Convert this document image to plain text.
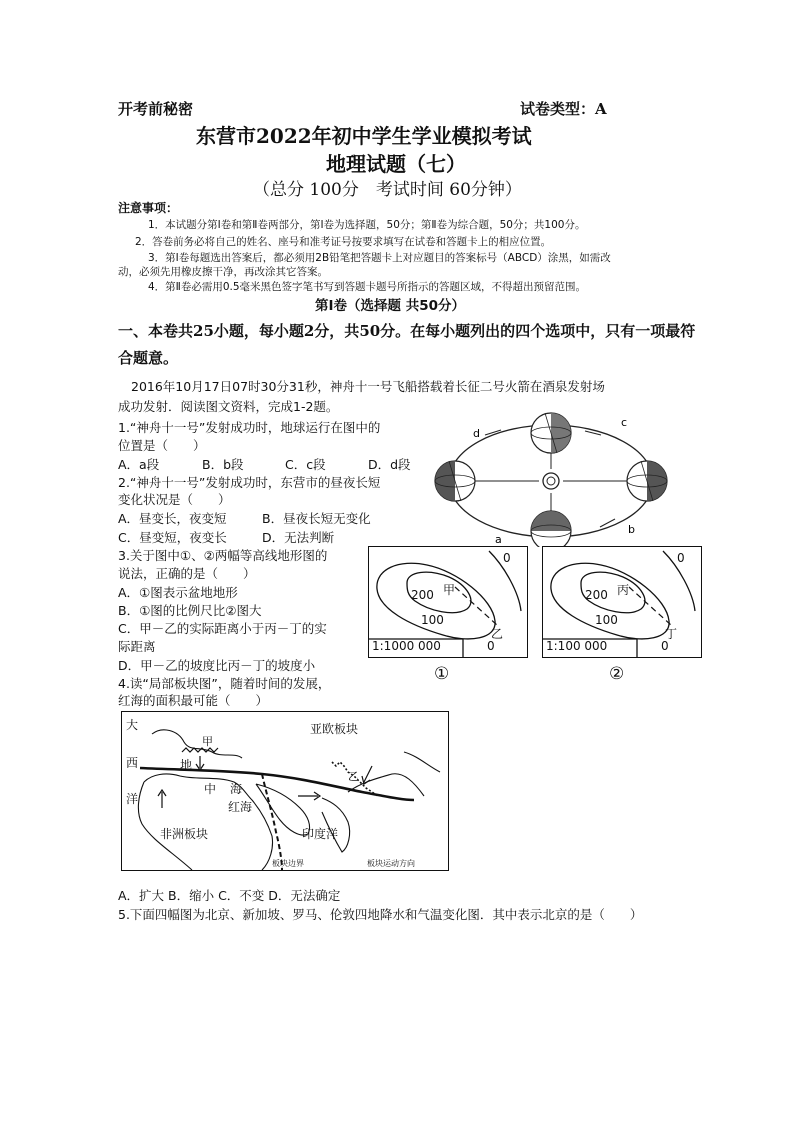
开考前秘密	试卷类型：A
东营市2022年初中学生学业模拟考试
地理试题（七）
（总分 100分　考试时间 60分钟）
注意事项：
1．本试题分第Ⅰ卷和第Ⅱ卷两部分，第Ⅰ卷为选择题，50分；第Ⅱ卷为综合题，50分；共100分。
2．答卷前务必将自己的姓名、座号和准考证号按要求填写在试卷和答题卡上的相应位置。
3．第Ⅰ卷每题选出答案后，都必须用2B铅笔把答题卡上对应题目的答案标号（ABCD）涂黑，如需改
动，必须先用橡皮擦干净，再改涂其它答案。
4．第Ⅱ卷必需用0.5毫米黑色签字笔书写到答题卡题号所指示的答题区域，不得超出预留范围。
第Ⅰ卷（选择题 共50分）
一、本卷共25小题，每小题2分，共50分。在每小题列出的四个选项中，只有一项最符
合题意。
2016年10月17日07时30分31秒，神舟十一号飞船搭载着长征二号火箭在酒泉发射场
成功发射．阅读图文资料，完成1-2题。
1.“神舟十一号”发射成功时，地球运行在图中的
位置是（　　）
A．a段	B．b段	C．c段	D．d段
2.“神舟十一号”发射成功时，东营市的昼夜长短
变化状况是（　　）
A．昼变长，夜变短	B．昼夜长短无变化
C．昼变短，夜变长	D．无法判断
3.关于图中①、②两幅等高线地形图的
说法，正确的是（　　）
A．①图表示盆地地形
B．①图的比例尺比②图大
C．甲－乙的实际距离小于丙－丁的实
际距离
D．甲－乙的坡度比丙－丁的坡度小
4.读“局部板块图”，随着时间的发展，
红海的面积最可能（　　）
A．扩大 B．缩小 C．不变 D．无法确定
5.下面四幅图为北京、新加坡、罗马、伦敦四地降水和气温变化图．其中表示北京的是（　　）
d
c
a
b
0
200 甲
100
乙
1:1000 000	0
①
0
200 丙
100
丁
1:100 000	0
②
亚欧板块
非洲板块	印度洋
红海
大
西
洋
地
中 海
甲
乙
板块边界	板块运动方向
